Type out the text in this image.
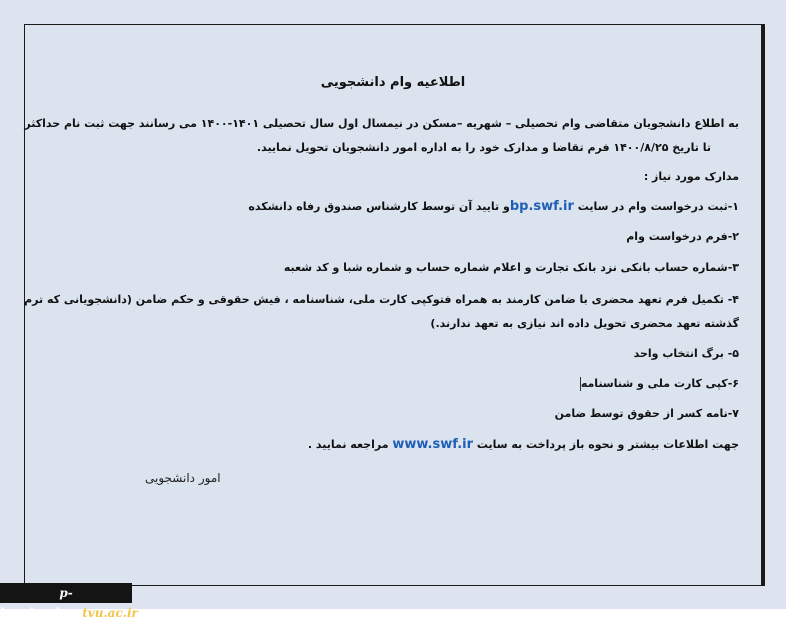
اطلاعیه وام دانشجویی
به اطلاع دانشجویان متقاضی وام تحصیلی – شهریه –مسکن در نیمسال اول سال تحصیلی ۱۴۰۱-۱۴۰۰ می رسانند جهت ثبت نام حداکثر
تا تاریخ ۱۴۰۰/۸/۲۵ فرم تقاضا و مدارک خود را به اداره امور دانشجویان تحویل نمایید.
مدارک مورد نیاز :
۱-ثبت درخواست وام در سایت bp.swf.irو تایید آن توسط کارشناس صندوق رفاه دانشکده
۲-فرم درخواست وام
۳-شماره حساب بانکی نزد بانک تجارت و اعلام شماره حساب و شماره شبا و کد شعبه
۴- تکمیل فرم تعهد محضری با ضامن کارمند به همراه فتوکپی کارت ملی، شناسنامه ، فیش حقوقی و حکم ضامن (دانشجویانی که ترم
گذشته تعهد محضری تحویل داده اند نیازی به تعهد ندارند.)
۵- برگ انتخاب واحد
۶-کپی کارت ملی و شناسنامه
۷-نامه کسر از حقوق توسط ضامن
جهت اطلاعات بیشتر و نحوه باز پرداخت به سایت www.swf.ir مراجعه نمایید .
امور دانشجویی
p-bandarabas.tvu.ac.ir
